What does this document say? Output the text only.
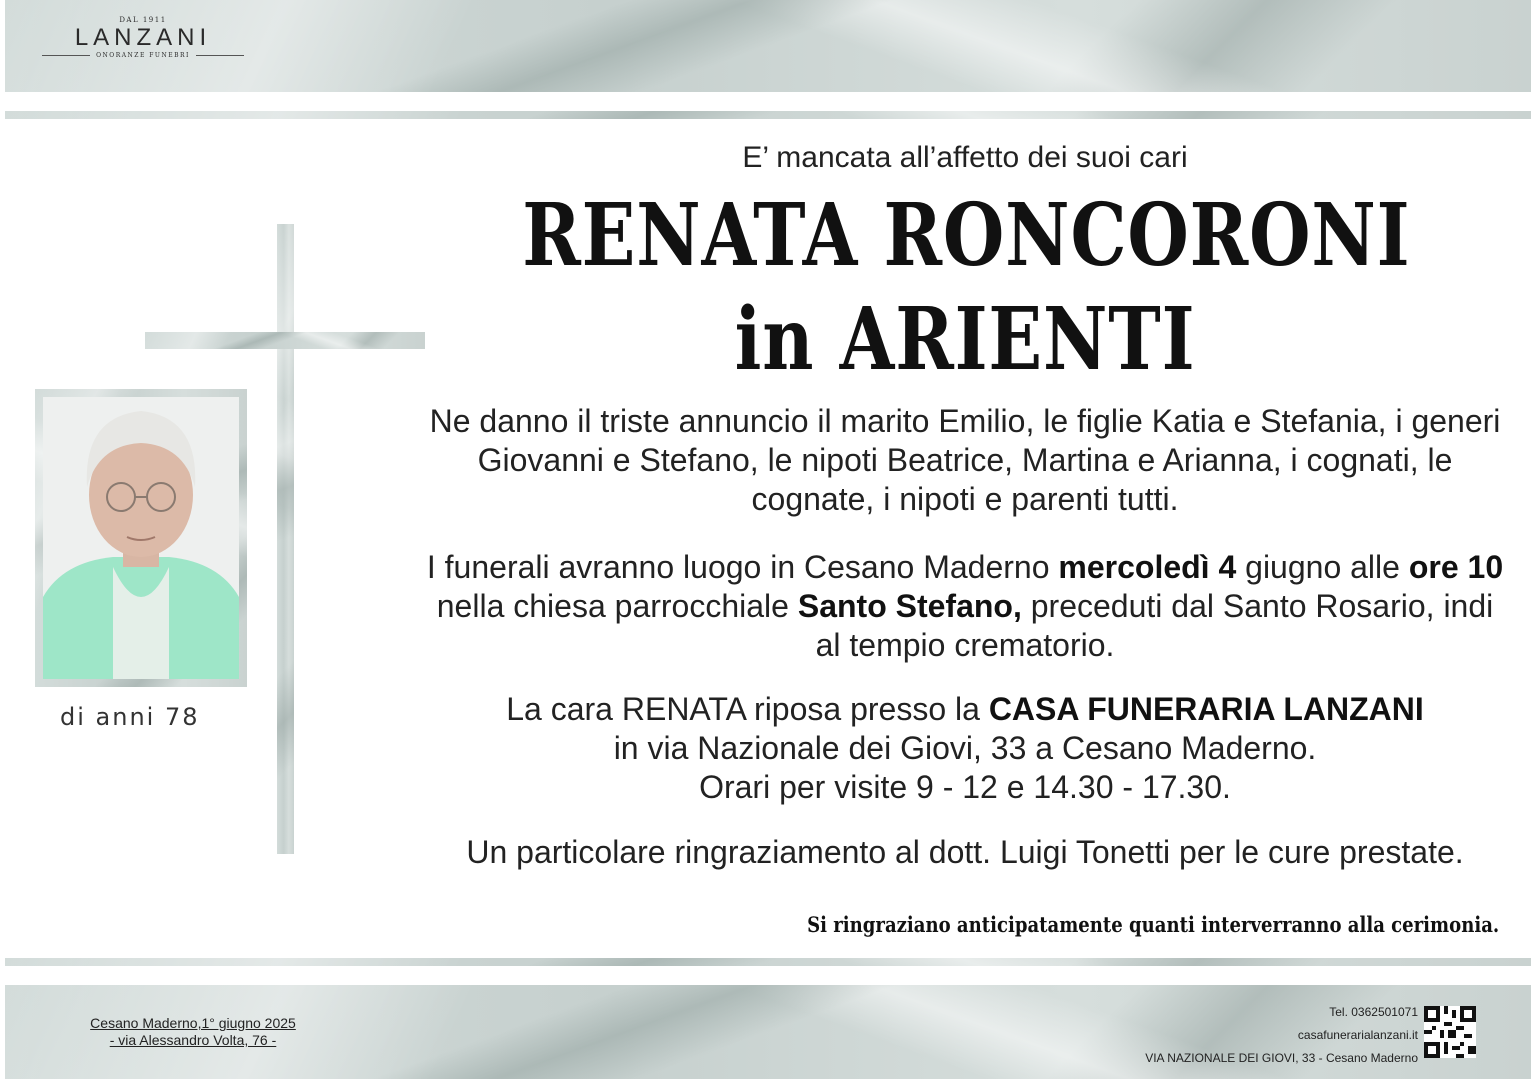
DAL 1911
LANZANI
ONORANZE FUNEBRI
di anni 78
E’ mancata all’affetto dei suoi cari
RENATA RONCORONI
in ARIENTI
Ne danno il triste annuncio il marito Emilio, le figlie Katia e Stefania, i generi Giovanni e Stefano, le nipoti Beatrice, Martina e Arianna, i cognati, le cognate, i nipoti e parenti tutti.
I funerali avranno luogo in Cesano Maderno mercoledì 4 giugno alle ore 10 nella chiesa parrocchiale Santo Stefano, preceduti dal Santo Rosario, indi al tempio crematorio.
La cara RENATA riposa presso la CASA FUNERARIA LANZANI
in via Nazionale dei Giovi, 33 a Cesano Maderno.
Orari per visite 9 - 12 e 14.30 - 17.30.
Un particolare ringraziamento al dott. Luigi Tonetti per le cure prestate.
Si ringraziano anticipatamente quanti interverranno alla cerimonia.
Cesano Maderno,1° giugno 2025
- via Alessandro Volta, 76 -
Tel. 0362501071
casafunerarialanzani.it
VIA NAZIONALE DEI GIOVI, 33 - Cesano Maderno
